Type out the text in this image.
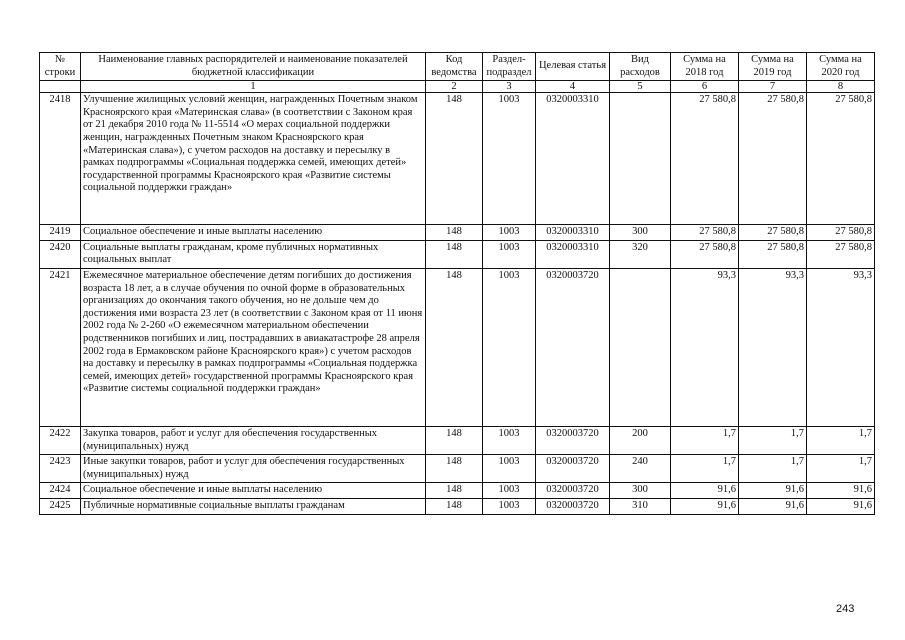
№ строки	Наименование главных распорядителей и наименование показателей бюджетной классификации	Код ведомства	Раздел-подраздел	Целевая статья	Вид расходов	Сумма на 2018 год	Сумма на 2019 год	Сумма на 2020 год
	1	2	3	4	5	6	7	8
2418	Улучшение жилищных условий женщин, награжденных Почетным знаком Красноярского края «Материнская слава» (в соответствии с Законом края от 21 декабря 2010 года № 11-5514 «О мерах социальной поддержки женщин, награжденных Почетным знаком Красноярского края «Материнская слава»), с учетом расходов на доставку и пересылку в рамках подпрограммы «Социальная поддержка семей, имеющих детей» государственной программы Красноярского края «Развитие системы социальной поддержки граждан»	148	1003	0320003310		27 580,8	27 580,8	27 580,8
2419	Социальное обеспечение и иные выплаты населению	148	1003	0320003310	300	27 580,8	27 580,8	27 580,8
2420	Социальные выплаты гражданам, кроме публичных нормативных социальных выплат	148	1003	0320003310	320	27 580,8	27 580,8	27 580,8
2421	Ежемесячное материальное обеспечение детям погибших до достижения возраста 18 лет, а в случае обучения по очной форме в образовательных организациях до окончания такого обучения, но не дольше чем до достижения ими возраста 23 лет (в соответствии с Законом края от 11 июня 2002 года № 2-260 «О ежемесячном материальном обеспечении родственников погибших и лиц, пострадавших в авиакатастрофе 28 апреля 2002 года в Ермаковском районе Красноярского края») с учетом расходов на доставку и пересылку в рамках подпрограммы «Социальная поддержка семей, имеющих детей» государственной программы Красноярского края «Развитие системы социальной поддержки граждан»	148	1003	0320003720		93,3	93,3	93,3
2422	Закупка товаров, работ и услуг для обеспечения государственных (муниципальных) нужд	148	1003	0320003720	200	1,7	1,7	1,7
2423	Иные закупки товаров, работ и услуг для обеспечения государственных (муниципальных) нужд	148	1003	0320003720	240	1,7	1,7	1,7
2424	Социальное обеспечение и иные выплаты населению	148	1003	0320003720	300	91,6	91,6	91,6
2425	Публичные нормативные социальные выплаты гражданам	148	1003	0320003720	310	91,6	91,6	91,6
243
